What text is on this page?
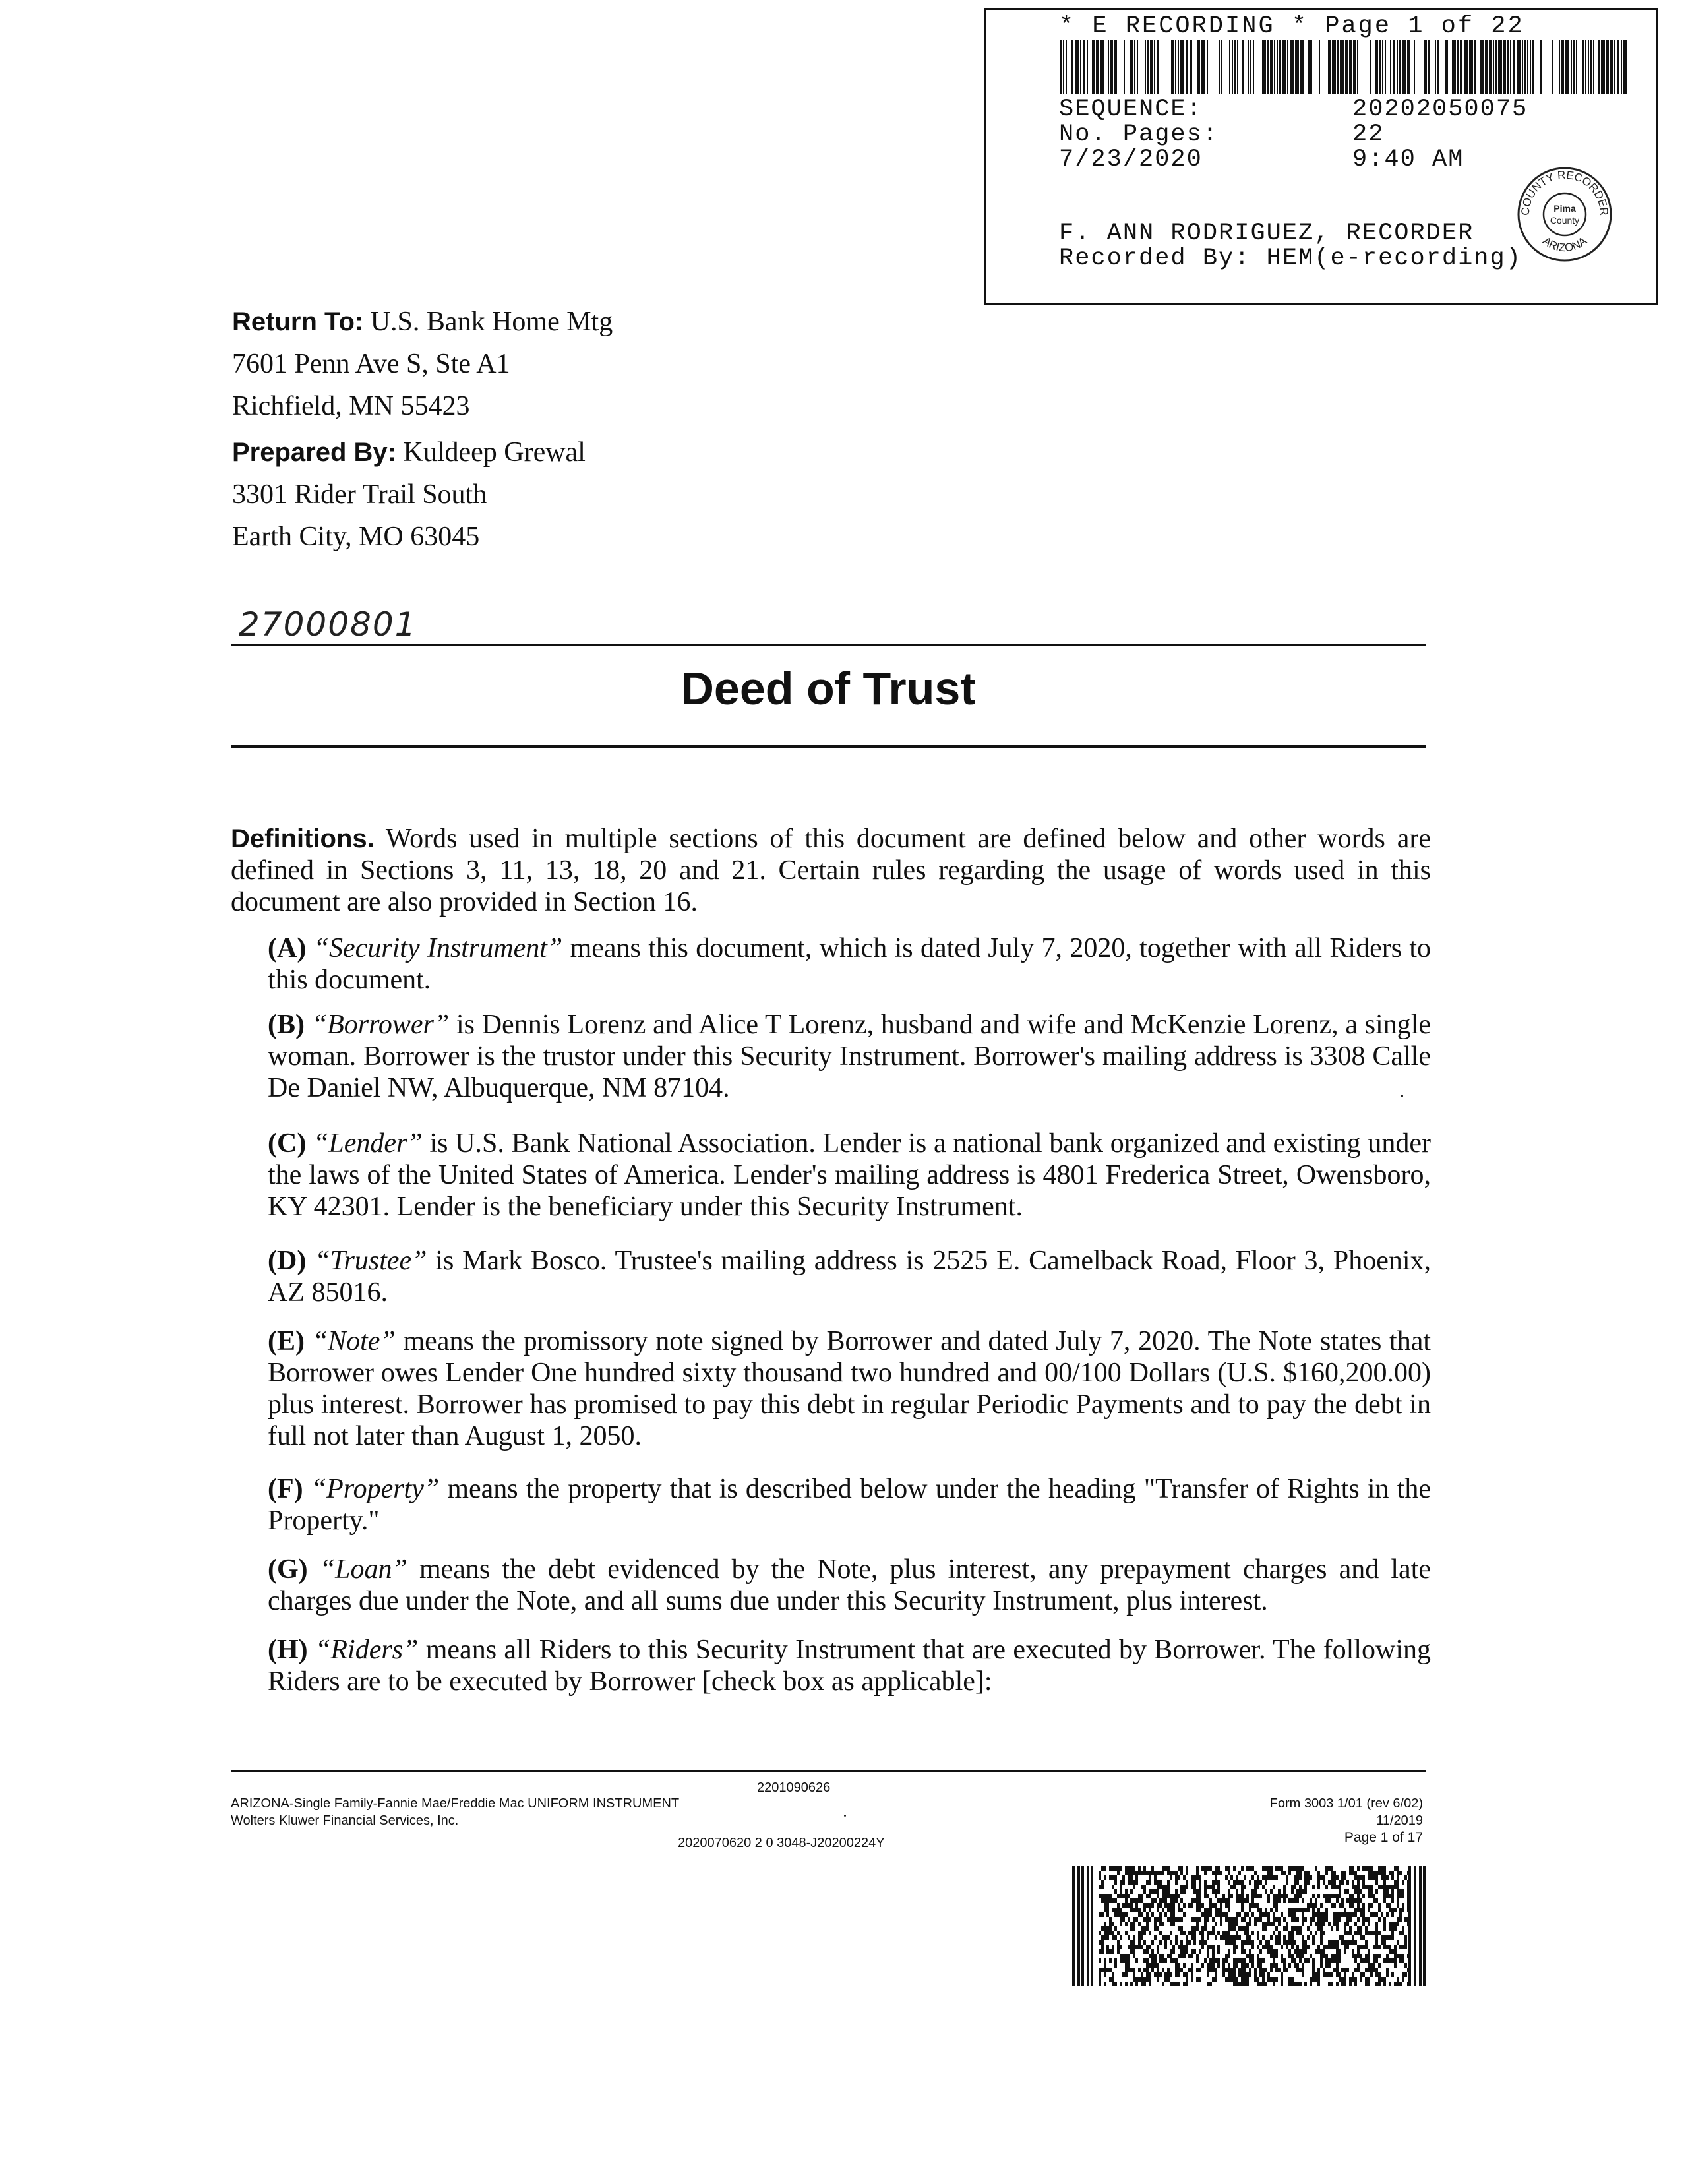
* E RECORDING * Page 1 of 22
SEQUENCE:	20202050075
No. Pages:	22
7/23/2020	9:40 AM
F. ANN RODRIGUEZ, RECORDER
Recorded By: HEM(e-recording)
COUNTY RECORDER
ARIZONA
Pima
County
Return To: U.S. Bank Home Mtg
7601 Penn Ave S, Ste A1
Richfield, MN 55423
Prepared By: Kuldeep Grewal
3301 Rider Trail South
Earth City, MO 63045
27000801
Deed of Trust
Definitions. Words used in multiple sections of this document are defined below and other words are defined in Sections 3, 11, 13, 18, 20 and 21. Certain rules regarding the usage of words used in this document are also provided in Section 16.
(A) “Security Instrument” means this document, which is dated July 7, 2020, together with all Riders to this document.
(B) “Borrower” is Dennis Lorenz and Alice T Lorenz, husband and wife and McKenzie Lorenz, a single woman. Borrower is the trustor under this Security Instrument. Borrower's mailing address is 3308 Calle De Daniel NW, Albuquerque, NM 87104.
(C) “Lender” is U.S. Bank National Association. Lender is a national bank organized and existing under the laws of the United States of America. Lender's mailing address is 4801 Frederica Street, Owensboro, KY 42301. Lender is the beneficiary under this Security Instrument.
(D) “Trustee” is Mark Bosco. Trustee's mailing address is 2525 E. Camelback Road, Floor 3, Phoenix, AZ 85016.
(E) “Note” means the promissory note signed by Borrower and dated July 7, 2020. The Note states that Borrower owes Lender One hundred sixty thousand two hundred and 00/100 Dollars (U.S. $160,200.00) plus interest. Borrower has promised to pay this debt in regular Periodic Payments and to pay the debt in full not later than August 1, 2050.
(F) “Property” means the property that is described below under the heading "Transfer of Rights in the Property."
(G) “Loan” means the debt evidenced by the Note, plus interest, any prepayment charges and late charges due under the Note, and all sums due under this Security Instrument, plus interest.
(H) “Riders” means all Riders to this Security Instrument that are executed by Borrower. The following Riders are to be executed by Borrower [check box as applicable]:
2201090626
ARIZONA-Single Family-Fannie Mae/Freddie Mac UNIFORM INSTRUMENT
Wolters Kluwer Financial Services, Inc.
2020070620 2 0 3048-J20200224Y
Form 3003 1/01 (rev 6/02)
11/2019
Page 1 of 17
